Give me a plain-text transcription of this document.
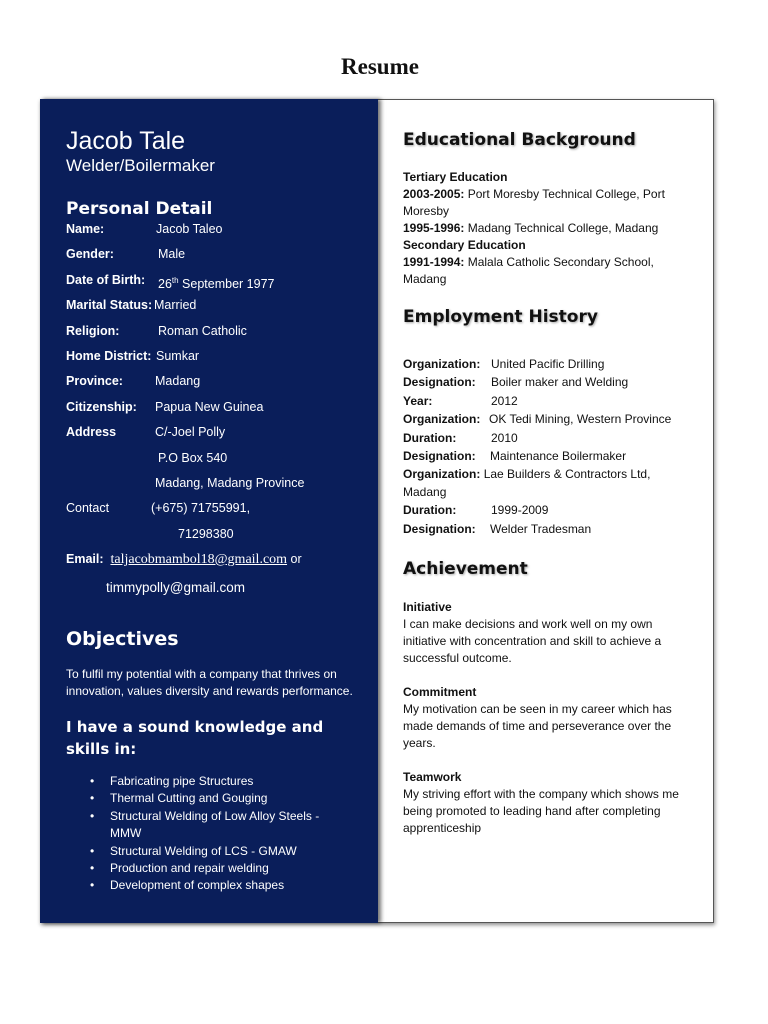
Resume
Jacob Tale
Welder/Boilermaker
Personal Detail
Name:	Jacob Taleo
Gender:	Male
Date of Birth: 26th September 1977
Marital Status: Married
Religion:	Roman Catholic
Home District: Sumkar
Province:	Madang
Citizenship: Papua New Guinea
Address	C/-Joel Polly
P.O Box 540
Madang, Madang Province
Contact	(+675) 71755991,
71298380
Email: taljacobmambol18@gmail.com or
timmypolly@gmail.com
Objectives
To fulfil my potential with a company that thrives on innovation, values diversity and rewards performance.
I have a sound knowledge and skills in:
• Fabricating pipe Structures
• Thermal Cutting and Gouging
• Structural Welding of Low Alloy Steels - MMW
• Structural Welding of LCS - GMAW
• Production and repair welding
• Development of complex shapes
Educational Background
Tertiary Education
2003-2005: Port Moresby Technical College, Port Moresby
1995-1996: Madang Technical College, Madang
Secondary Education
1991-1994: Malala Catholic Secondary School, Madang
Employment History
Organization: United Pacific Drilling
Designation: Boiler maker and Welding
Year:	2012
Organization: OK Tedi Mining, Western Province
Duration:	2010
Designation: Maintenance Boilermaker
Organization: Lae Builders & Contractors Ltd, Madang
Duration:	1999-2009
Designation: Welder Tradesman
Achievement
Initiative
I can make decisions and work well on my own initiative with concentration and skill to achieve a successful outcome.
Commitment
My motivation can be seen in my career which has made demands of time and perseverance over the years.
Teamwork
My striving effort with the company which shows me being promoted to leading hand after completing apprenticeship
